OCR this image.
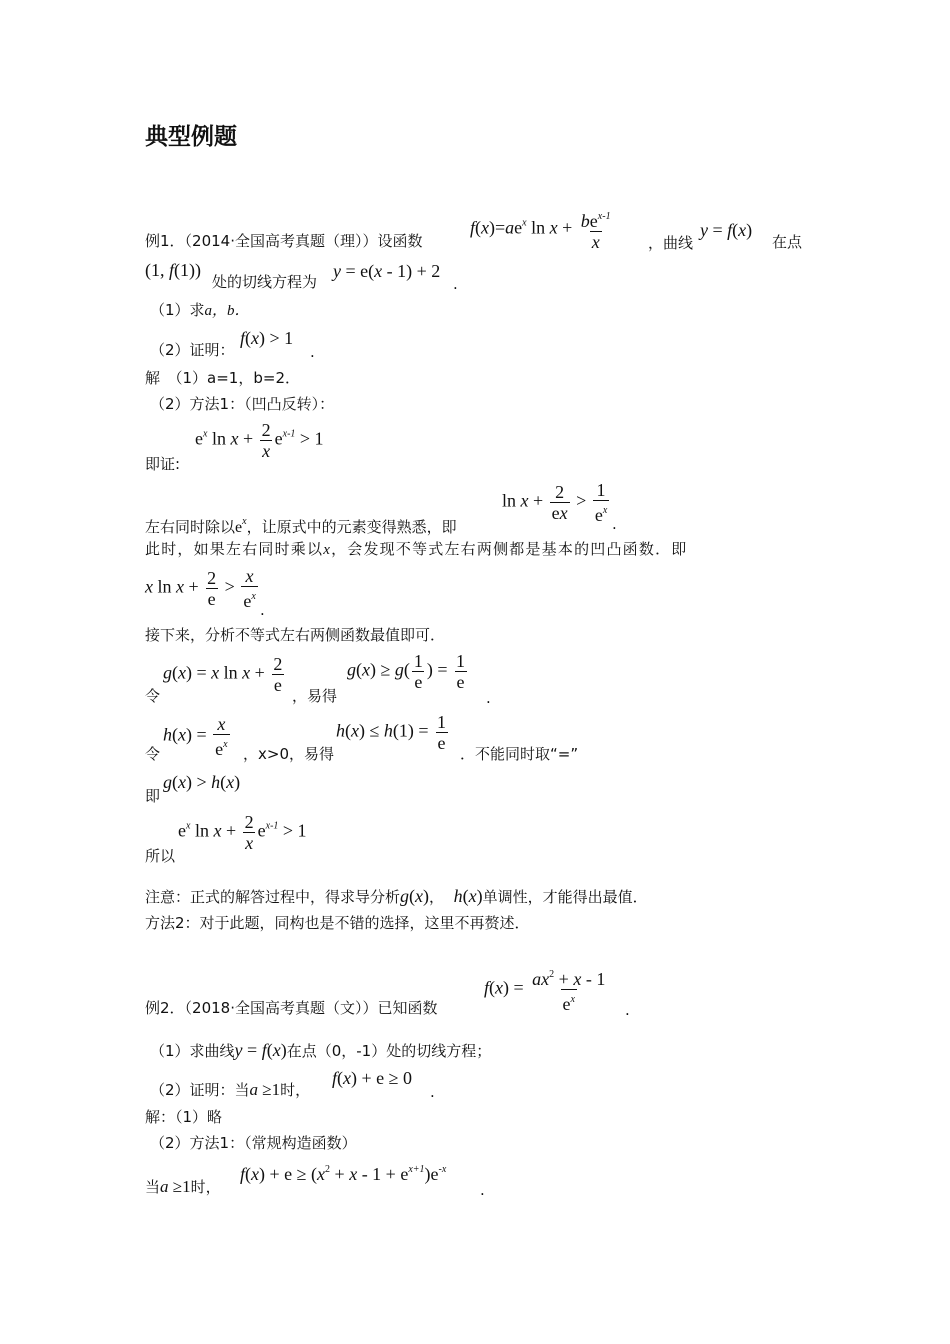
典型例题
例1．（2014·全国高考真题（理））设函数
$f(x)=ae^x$ $\ln x + \frac{be^{x-1}}{x}$ ，曲线
y = f(x)
在点
(1, f(1))
处的切线方程为
y = e(x - 1) + 2
.
（1）求a，b．
（2）证明：
f(x) > 1
.
解　（1）a=1，b=2．
（2）方法1：（凹凸反转）：
$e^x$ $\ln x + \frac{2}{x} e^{x-1} > 1$
即证:
$\ln x + \frac{2}{ex} > \frac{1}{e^x}$
左右同时除以$e^x$，让原式中的元素变得熟悉，即	.
此时，如果左右同时乘以x，会发现不等式左右两侧都是基本的凹凸函数．即
x $\ln x + \frac{2}{e} > \frac{x}{e^x}$ .
接下来，分析不等式左右两侧函数最值即可．
令
g(x) = x $\ln x + \frac{2}{e}$
，易得
$g(x) \ge g( \frac{1}{e}$ ) = $\frac{1}{e}$
.
令
$h(x) = \frac{x}{e^x}$ ，x>0，易得
$h(x) \le h(1) = \frac{1}{e}$
．不能同时取“=”
即
g(x) > h(x)
$e^x$ $\ln x + \frac{2}{x} e^{x-1} > 1$
所以
注意：正式的解答过程中，得求导分析g(x)， h(x)单调性，才能得出最值．
方法2：对于此题，同构也是不错的选择，这里不再赘述．
例2．（2018·全国高考真题（文））已知函数
$f(x) = \frac{ax^2 + x - 1}{e^x}$ .
（1）求曲线y = f(x)在点（0，-1）处的切线方程；
（2）证明：当a ≥1时，
f(x) + e ≥ 0
.
解：（1）略
（2）方法1：（常规构造函数）
当a ≥1时，
$f(x) + e \ge (x^2 + x - 1 + e^{x+1})e^{-x}$
.
